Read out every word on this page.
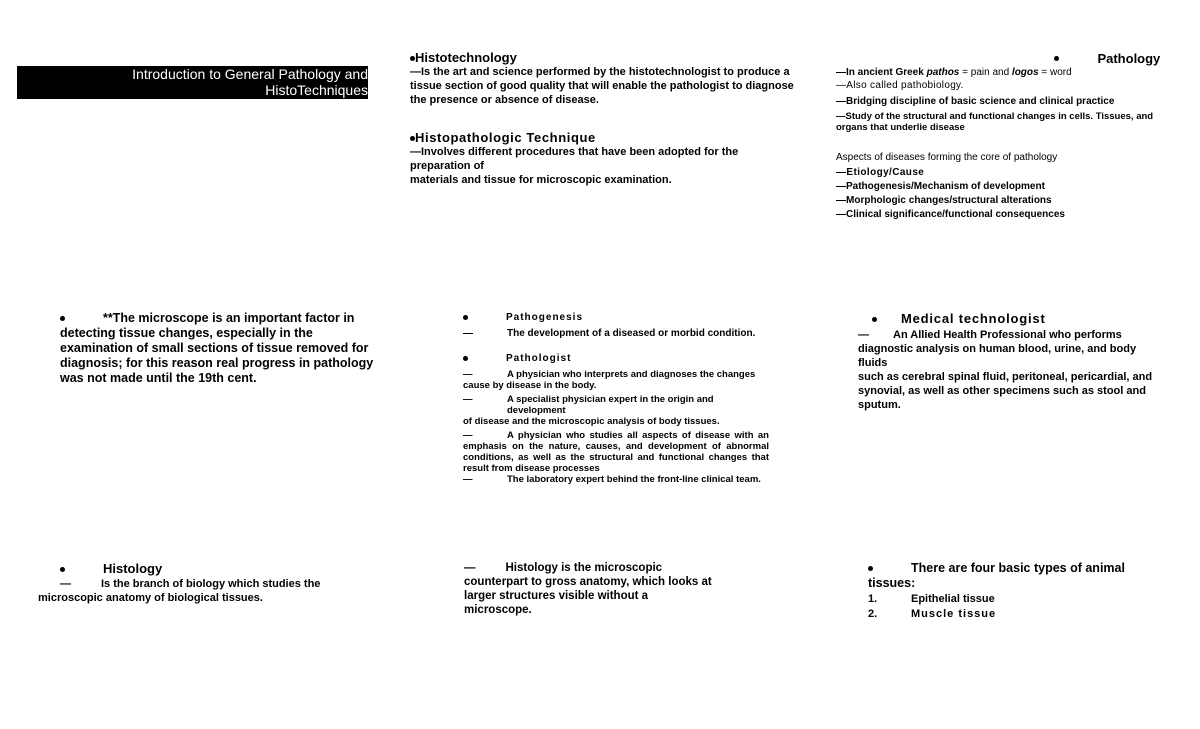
Introduction to General Pathology and
HistoTechniques
Histotechnology
—Is the art and science performed by the histotechnologist to produce a
tissue section of good quality that will enable the pathologist to diagnose
the presence or absence of disease.
Histopathologic Technique
—Involves different procedures that have been adopted for the preparation of
materials and tissue for microscopic examination.
Pathology
—In ancient Greek pathos = pain and logos = word
—Also called pathobiology.
—Bridging discipline of basic science and clinical practice
—Study of the structural and functional changes in cells. Tissues, and
organs that underlie disease
Aspects of diseases forming the core of pathology
—Etiology/Cause
—Pathogenesis/Mechanism of development
—Morphologic changes/structural alterations
—Clinical significance/functional consequences
**The microscope is an important factor in
detecting tissue changes, especially in the
examination of small sections of tissue removed for
diagnosis; for this reason real progress in pathology
was not made until the 19th cent.
Pathogenesis
—	The development of a diseased or morbid condition.
Pathologist
—	A physician who interprets and diagnoses the changes
cause by disease in the body.
—	A specialist physician expert in the origin and development
of disease and the microscopic analysis of body tissues.
—	A physician who studies all aspects of disease with an
emphasis on the nature, causes, and development of abnormal
conditions, as well as the structural and functional changes that
result from disease processes
—	The laboratory expert behind the front-line clinical team.
Medical technologist
— An Allied Health Professional who performs
diagnostic analysis on human blood, urine, and body fluids
such as cerebral spinal fluid, peritoneal, pericardial, and
synovial, as well as other specimens such as stool and
sputum.
Histology
—	Is the branch of biology which studies the
microscopic anatomy of biological tissues.
—	Histology is the microscopic
counterpart to gross anatomy, which looks at
larger structures visible without a
microscope.
There are four basic types of animal
tissues:
1.	Epithelial tissue
2.	Muscle tissue
